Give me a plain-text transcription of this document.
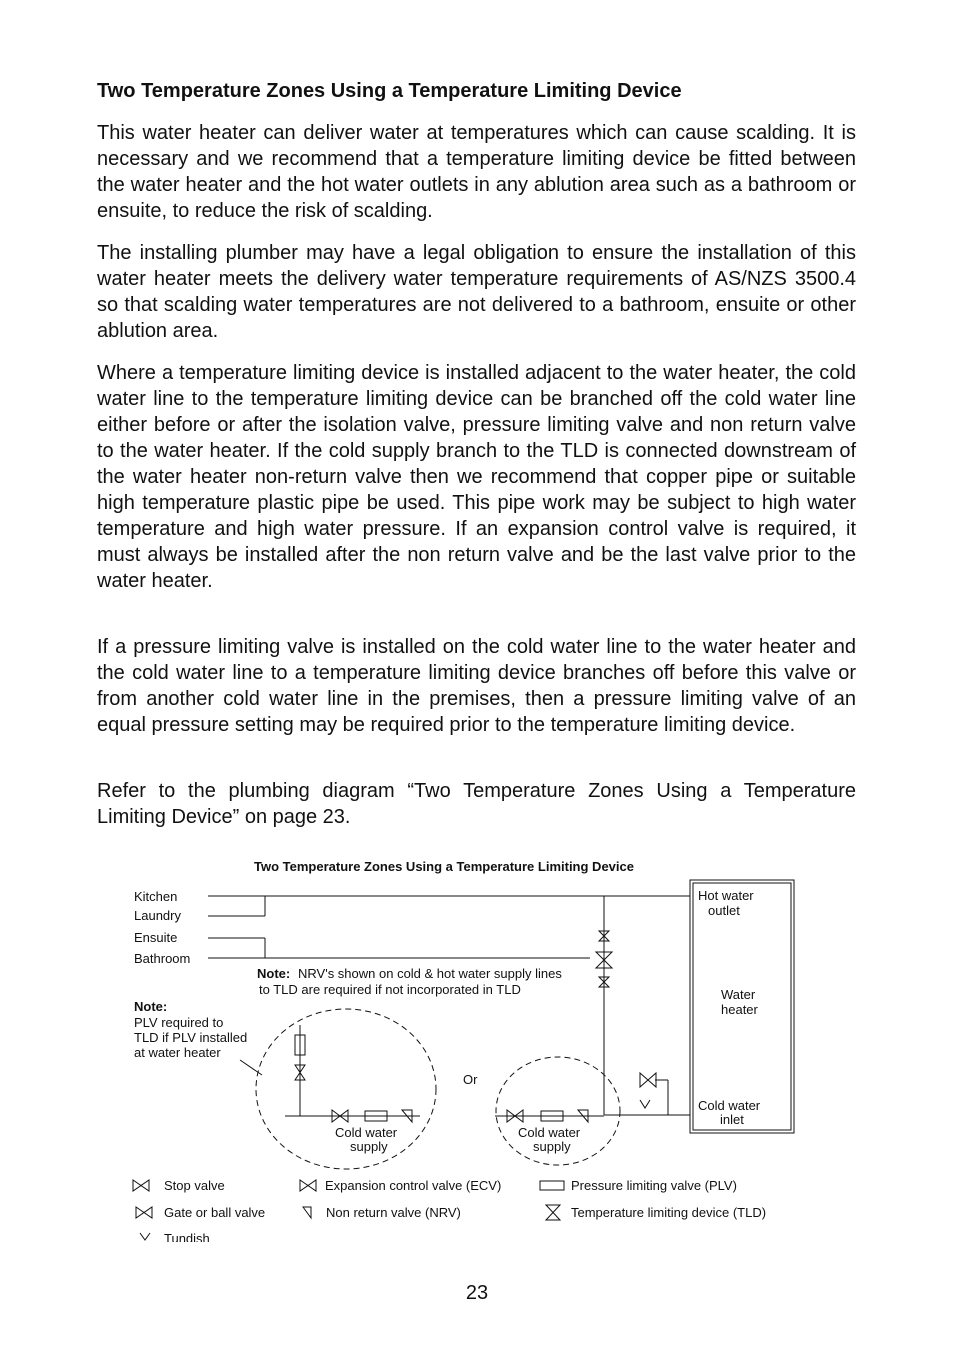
Two Temperature Zones Using a Temperature Limiting Device

This water heater can deliver water at temperatures which can cause scalding. It is necessary and we recommend that a temperature limiting device be fitted between the water heater and the hot water outlets in any ablution area such as a bathroom or ensuite, to reduce the risk of scalding.

The installing plumber may have a legal obligation to ensure the installation of this water heater meets the delivery water temperature requirements of AS/NZS 3500.4 so that scalding water temperatures are not delivered to a bathroom, ensuite or other ablution area.

Where a temperature limiting device is installed adjacent to the water heater, the cold water line to the temperature limiting device can be branched off the cold water line either before or after the isolation valve, pressure limiting valve and non return valve to the water heater. If the cold supply branch to the TLD is connected downstream of the water heater non-return valve then we recommend that copper pipe or suitable high temperature plastic pipe be used. This pipe work may be subject to high water temperature and high water pressure. If an expansion control valve is required, it must always be installed after the non return valve and be the last valve prior to the water heater.

If a pressure limiting valve is installed on the cold water line to the water heater and the cold water line to a temperature limiting device branches off before this valve or from another cold water line in the premises, then a pressure limiting valve of an equal pressure setting may be required prior to the temperature limiting device.

Refer to the plumbing diagram “Two Temperature Zones Using a Temperature Limiting Device” on page 23.

Two Temperature Zones Using a Temperature Limiting Device
Kitchen
Laundry
Ensuite
Bathroom
Hot water
outlet
Water
heater
Cold water
inlet
Note: NRV's shown on cold & hot water supply lines
to TLD are required if not incorporated in TLD
Note:
PLV required to
TLD if PLV installed
at water heater
Or
Cold water
supply
Cold water
supply
Stop valve	Expansion control valve (ECV)	Pressure limiting valve (PLV)
Gate or ball valve	Non return valve (NRV)	Temperature limiting device (TLD)
Tundish
23
